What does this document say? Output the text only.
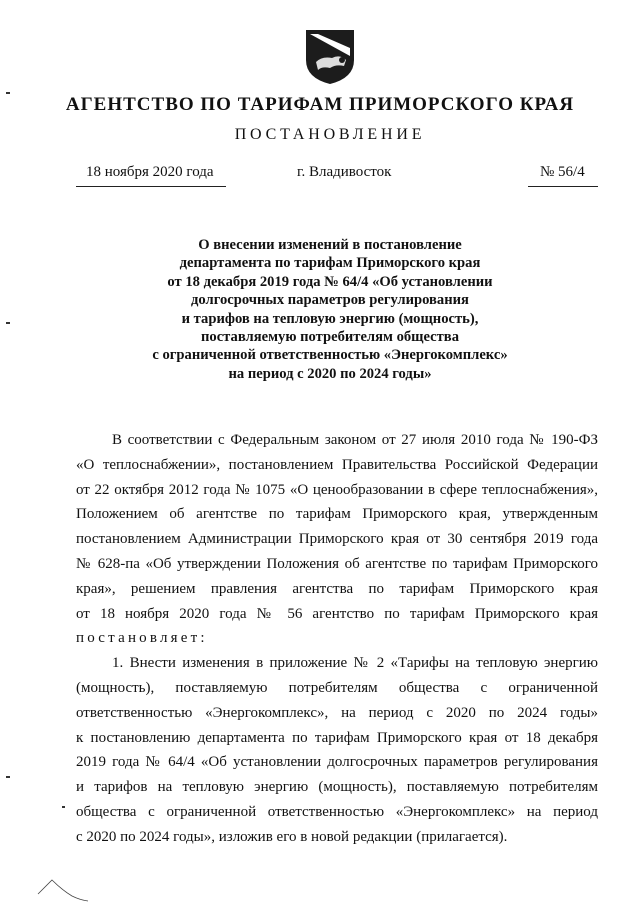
АГЕНТСТВО ПО ТАРИФАМ ПРИМОРСКОГО КРАЯ
ПОСТАНОВЛЕНИЕ
18 ноября 2020 года	г. Владивосток	№ 56/4
О внесении изменений в постановление
департамента по тарифам Приморского края
от 18 декабря 2019 года № 64/4 «Об установлении
долгосрочных параметров регулирования
и тарифов на тепловую энергию (мощность),
поставляемую потребителям общества
с ограниченной ответственностью «Энергокомплекс»
на период с 2020 по 2024 годы»
В соответствии с Федеральным законом от 27 июля 2010 года № 190-ФЗ
«О теплоснабжении», постановлением Правительства Российской Федерации
от 22 октября 2012 года № 1075 «О ценообразовании в сфере теплоснабжения»,
Положением об агентстве по тарифам Приморского края, утвержденным
постановлением Администрации Приморского края от 30 сентября 2019 года
№ 628-па «Об утверждении Положения об агентстве по тарифам Приморского
края», решением правления агентства по тарифам Приморского края
от 18 ноября 2020 года № 56 агентство по тарифам Приморского края
постановляет:
1. Внести изменения в приложение № 2 «Тарифы на тепловую энергию
(мощность), поставляемую потребителям общества с ограниченной
ответственностью «Энергокомплекс», на период с 2020 по 2024 годы»
к постановлению департамента по тарифам Приморского края от 18 декабря
2019 года № 64/4 «Об установлении долгосрочных параметров регулирования
и тарифов на тепловую энергию (мощность), поставляемую потребителям
общества с ограниченной ответственностью «Энергокомплекс» на период
с 2020 по 2024 годы», изложив его в новой редакции (прилагается).
